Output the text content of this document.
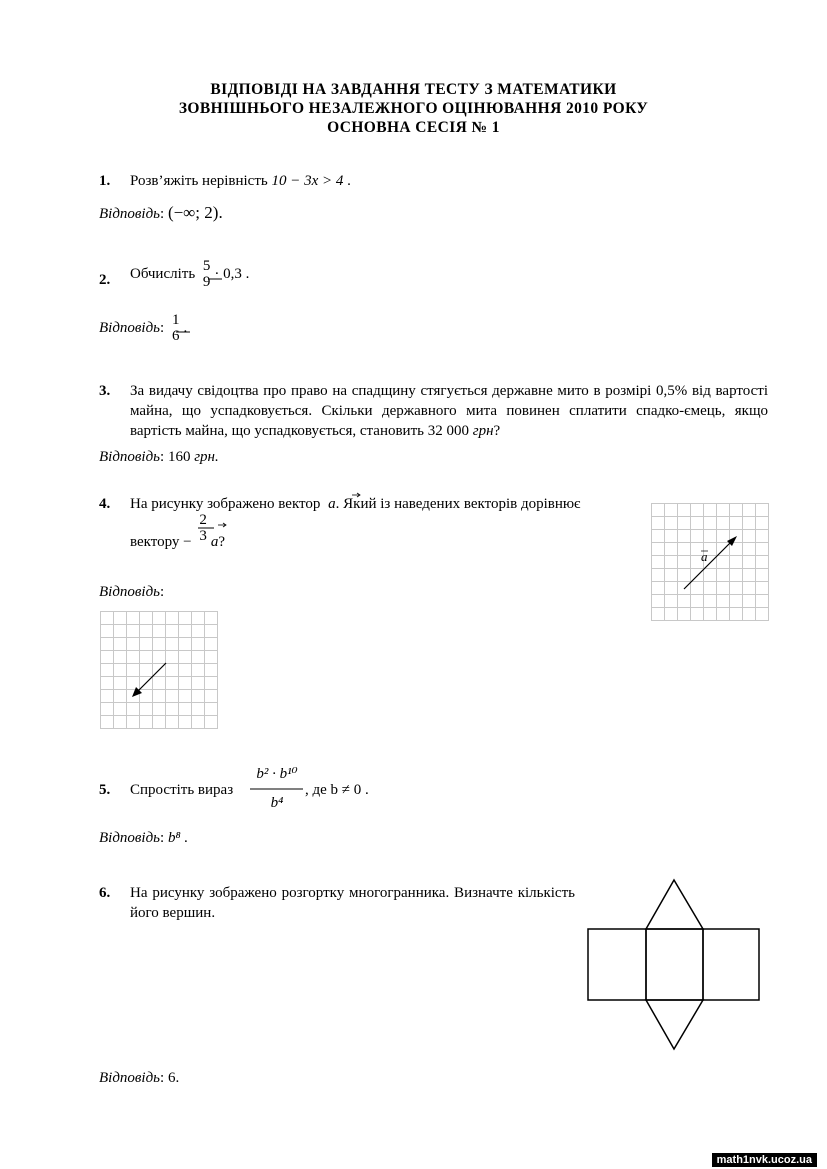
ВІДПОВІДІ НА ЗАВДАННЯ ТЕСТУ З МАТЕМАТИКИ
ЗОВНІШНЬОГО НЕЗАЛЕЖНОГО ОЦІНЮВАННЯ 2010 РОКУ
ОСНОВНА СЕСІЯ № 1
1. Розв’яжіть нерівність 10 − 3x > 4 .
Відповідь: (−∞; 2).
2. Обчисліть
5
9 · 0,3 .
Відповідь:
1
6 .
3. За видачу свідоцтва про право на спадщину стягується державне мито в розмірі 0,5% від вартості майна, що успадковується. Скільки державного мита повинен сплатити спадко-ємець, якщо вартість майна, що успадковується, становить 32 000 грн?
Відповідь: 160 грн.
4. На рисунку зображено вектор a. Який із наведених векторів дорівнює
вектору −
2
3 a?
a
Відповідь:
5. Спростіть вираз
b² · b¹⁰
b⁴
, де b ≠ 0 .
Відповідь: b⁸ .
6. На рисунку зображено розгортку многогранника. Визначте кількість його вершин.
Відповідь: 6.
math1nvk.ucoz.ua
